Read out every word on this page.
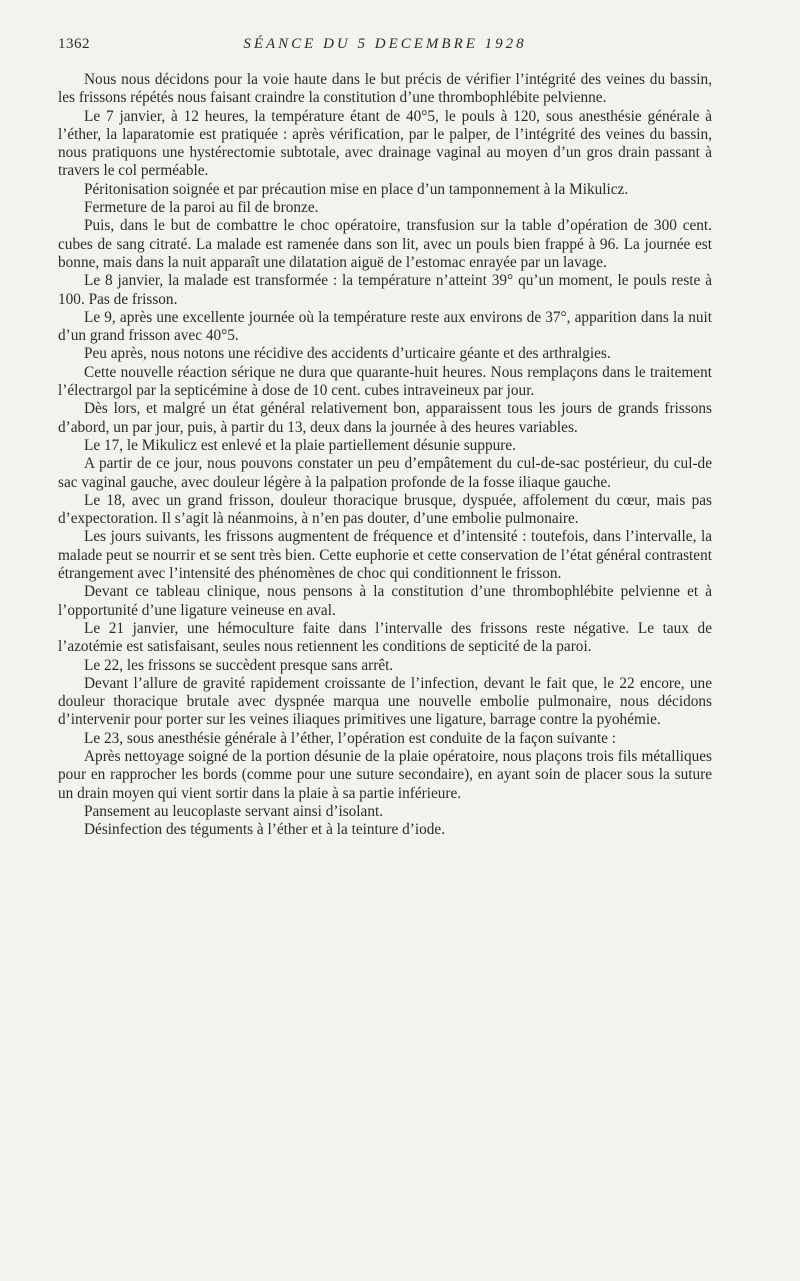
1362	SÉANCE DU 5 DECEMBRE 1928

Nous nous décidons pour la voie haute dans le but précis de vérifier l’intégrité des veines du bassin, les frissons répétés nous faisant craindre la constitution d’une thrombophlébite pelvienne.

Le 7 janvier, à 12 heures, la température étant de 40°5, le pouls à 120, sous anesthésie générale à l’éther, la laparatomie est pratiquée : après vérification, par le palper, de l’intégrité des veines du bassin, nous pratiquons une hystérectomie subtotale, avec drainage vaginal au moyen d’un gros drain passant à travers le col perméable.

Péritonisation soignée et par précaution mise en place d’un tamponnement à la Mikulicz.

Fermeture de la paroi au fil de bronze.

Puis, dans le but de combattre le choc opératoire, transfusion sur la table d’opération de 300 cent. cubes de sang citraté. La malade est ramenée dans son lit, avec un pouls bien frappé à 96. La journée est bonne, mais dans la nuit apparaît une dilatation aiguë de l’estomac enrayée par un lavage.

Le 8 janvier, la malade est transformée : la température n’atteint 39° qu’un moment, le pouls reste à 100. Pas de frisson.

Le 9, après une excellente journée où la température reste aux environs de 37°, apparition dans la nuit d’un grand frisson avec 40°5.

Peu après, nous notons une récidive des accidents d’urticaire géante et des arthralgies.

Cette nouvelle réaction sérique ne dura que quarante-huit heures. Nous remplaçons dans le traitement l’électrargol par la septicémine à dose de 10 cent. cubes intraveineux par jour.

Dès lors, et malgré un état général relativement bon, apparaissent tous les jours de grands frissons d’abord, un par jour, puis, à partir du 13, deux dans la journée à des heures variables.

Le 17, le Mikulicz est enlevé et la plaie partiellement désunie suppure.

A partir de ce jour, nous pouvons constater un peu d’empâtement du cul-de-sac postérieur, du cul-de sac vaginal gauche, avec douleur légère à la palpation profonde de la fosse iliaque gauche.

Le 18, avec un grand frisson, douleur thoracique brusque, dyspuée, affolement du cœur, mais pas d’expectoration. Il s’agit là néanmoins, à n’en pas douter, d’une embolie pulmonaire.

Les jours suivants, les frissons augmentent de fréquence et d’intensité : toutefois, dans l’intervalle, la malade peut se nourrir et se sent très bien. Cette euphorie et cette conservation de l’état général contrastent étrangement avec l’intensité des phénomènes de choc qui conditionnent le frisson.

Devant ce tableau clinique, nous pensons à la constitution d’une thrombophlébite pelvienne et à l’opportunité d’une ligature veineuse en aval.

Le 21 janvier, une hémoculture faite dans l’intervalle des frissons reste négative. Le taux de l’azotémie est satisfaisant, seules nous retiennent les conditions de septicité de la paroi.

Le 22, les frissons se succèdent presque sans arrêt.

Devant l’allure de gravité rapidement croissante de l’infection, devant le fait que, le 22 encore, une douleur thoracique brutale avec dyspnée marqua une nouvelle embolie pulmonaire, nous décidons d’intervenir pour porter sur les veines iliaques primitives une ligature, barrage contre la pyohémie.

Le 23, sous anesthésie générale à l’éther, l’opération est conduite de la façon suivante :

Après nettoyage soigné de la portion désunie de la plaie opératoire, nous plaçons trois fils métalliques pour en rapprocher les bords (comme pour une suture secondaire), en ayant soin de placer sous la suture un drain moyen qui vient sortir dans la plaie à sa partie inférieure.

Pansement au leucoplaste servant ainsi d’isolant.

Désinfection des téguments à l’éther et à la teinture d’iode.
